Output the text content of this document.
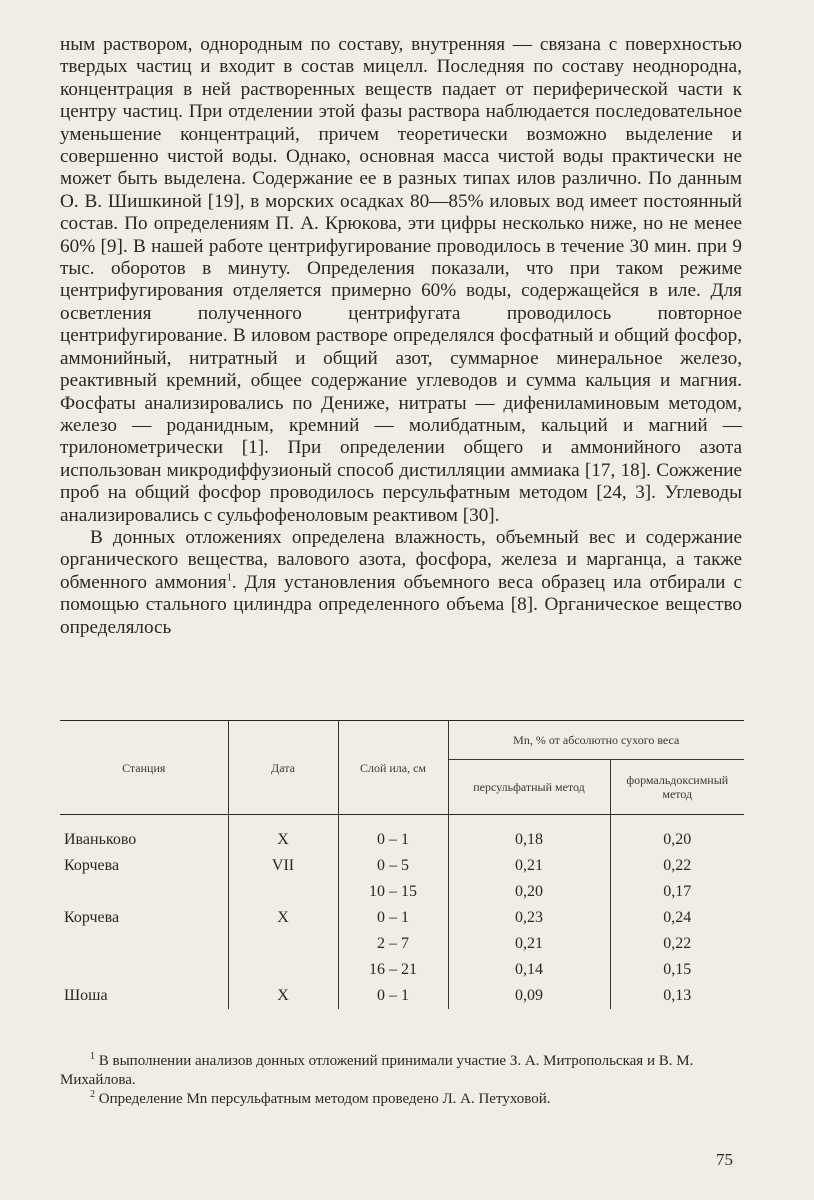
ным раствором, однородным по составу, внутренняя — связана с поверхностью твердых частиц и входит в состав мицелл. Последняя по составу неоднородна, концентрация в ней растворенных веществ падает от периферической части к центру частиц. При отделении этой фазы раствора наблюдается последовательное уменьшение концентраций, причем теоретически возможно выделение и совершенно чистой воды. Однако, основная масса чистой воды практически не может быть выделена. Содержание ее в разных типах илов различно. По данным О. В. Шишкиной [19], в морских осадках 80—85% иловых вод имеет постоянный состав. По определениям П. А. Крюкова, эти цифры несколько ниже, но не менее 60% [9]. В нашей работе центрифугирование проводилось в течение 30 мин. при 9 тыс. оборотов в минуту. Определения показали, что при таком режиме центрифугирования отделяется примерно 60% воды, содержащейся в иле. Для осветления полученного центрифугата проводилось повторное центрифугирование. В иловом растворе определялся фосфатный и общий фосфор, аммонийный, нитратный и общий азот, суммарное минеральное железо, реактивный кремний, общее содержание углеводов и сумма кальция и магния. Фосфаты анализировались по Дениже, нитраты — дифениламиновым методом, железо — роданидным, кремний — молибдатным, кальций и магний — трилонометрически [1]. При определении общего и аммонийного азота использован микродиффузионый способ дистилляции аммиака [17, 18]. Сожжение проб на общий фосфор проводилось персульфатным методом [24, 3]. Углеводы анализировались с сульфофеноловым реактивом [30].

В донных отложениях определена влажность, объемный вес и содержание органического вещества, валового азота, фосфора, железа и марганца, а также обменного аммония$^1$. Для установления объемного веса образец ила отбирали с помощью стального цилиндра определенного объема [8]. Органическое вещество определялось

Станция	Дата	Слой ила, см	Mn, % от абсолютно сухого веса	
			персульфатный метод	формальдоксимный метод
Иваньково	X	0 – 1	0,18	0,20
Корчева	VII	0 – 5	0,21	0,22
		10 – 15	0,20	0,17
Корчева	X	0 – 1	0,23	0,24
		2 – 7	0,21	0,22
		16 – 21	0,14	0,15
Шоша	X	0 – 1	0,09	0,13

$^1$ В выполнении анализов донных отложений принимали участие З. А. Митропольская и В. М. Михайлова.

$^2$ Определение Mn персульфатным методом проведено Л. А. Петуховой.

75
